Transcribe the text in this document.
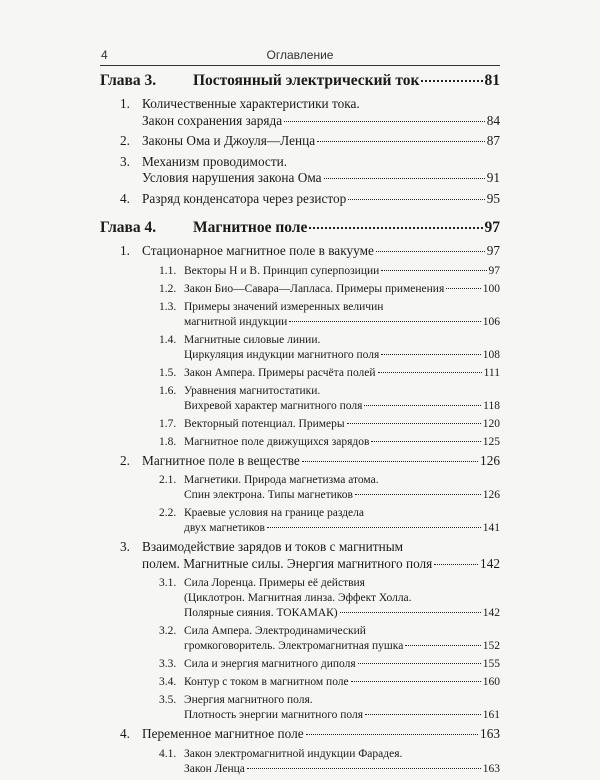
4	Оглавление
Глава 3. Постоянный электрический ток	81
1. Количественные характеристики тока.
Закон сохранения заряда	84
2. Законы Ома и Джоуля—Ленца	87
3. Механизм проводимости.
Условия нарушения закона Ома	91
4. Разряд конденсатора через резистор	95
Глава 4. Магнитное поле	97
1. Стационарное магнитное поле в вакууме	97
1.1. Векторы H и B. Принцип суперпозиции	97
1.2. Закон Био—Савара—Лапласа. Примеры применения	100
1.3. Примеры значений измеренных величин
магнитной индукции	106
1.4. Магнитные силовые линии.
Циркуляция индукции магнитного поля	108
1.5. Закон Ампера. Примеры расчёта полей	111
1.6. Уравнения магнитостатики.
Вихревой характер магнитного поля	118
1.7. Векторный потенциал. Примеры	120
1.8. Магнитное поле движущихся зарядов	125
2. Магнитное поле в веществе	126
2.1. Магнетики. Природа магнетизма атома.
Спин электрона. Типы магнетиков	126
2.2. Краевые условия на границе раздела
двух магнетиков	141
3. Взаимодействие зарядов и токов с магнитным
полем. Магнитные силы. Энергия магнитного поля	142
3.1. Сила Лоренца. Примеры её действия
(Циклотрон. Магнитная линза. Эффект Холла.
Полярные сияния. ТОКАМАК)	142
3.2. Сила Ампера. Электродинамический
громкоговоритель. Электромагнитная пушка	152
3.3. Сила и энергия магнитного диполя	155
3.4. Контур с током в магнитном поле	160
3.5. Энергия магнитного поля.
Плотность энергии магнитного поля	161
4. Переменное магнитное поле	163
4.1. Закон электромагнитной индукции Фарадея.
Закон Ленца	163
